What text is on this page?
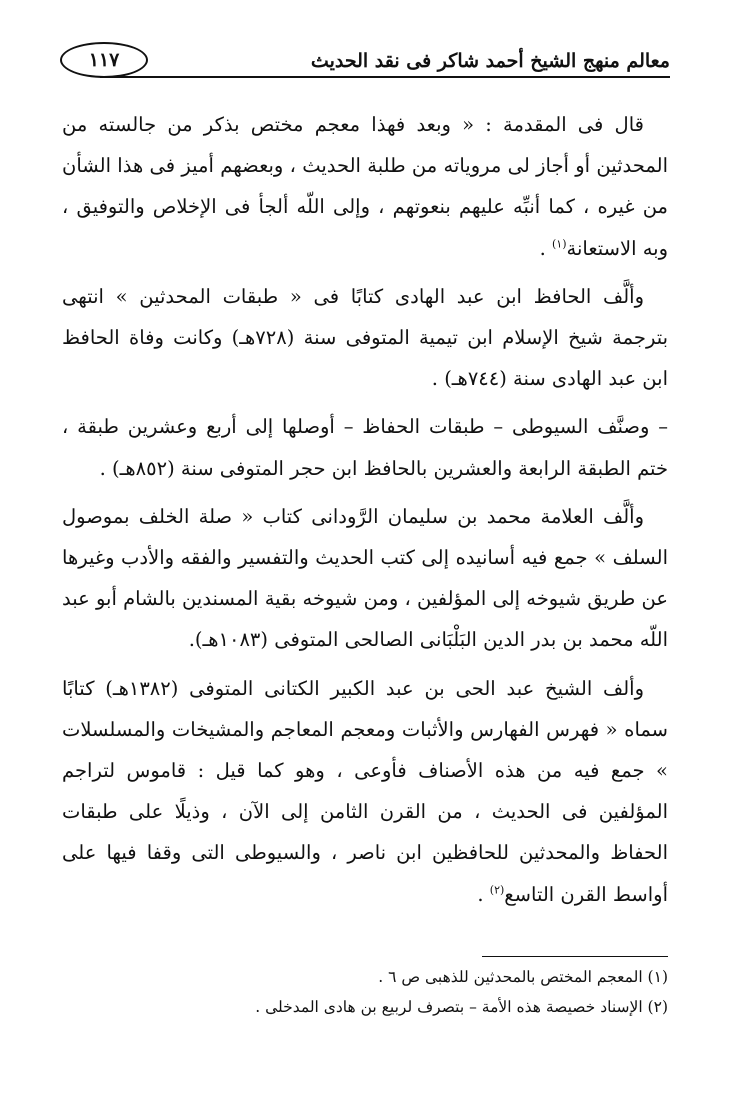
١١٧	معالم منهج الشيخ أحمد شاكر فى نقد الحديث

قال فى المقدمة : « وبعد فهذا معجم مختص بذكر من جالسته من المحدثين أو أجاز لى مروياته من طلبة الحديث ، وبعضهم أميز فى هذا الشأن من غيره ، كما أنبِّه عليهم بنعوتهم ، وإلى اللّه ألجأ فى الإخلاص والتوفيق ، وبه الاستعانة$^{(١)}$ .

وألَّف الحافظ ابن عبد الهادى كتابًا فى « طبقات المحدثين » انتهى بترجمة شيخ الإسلام ابن تيمية المتوفى سنة (٧٢٨هـ) وكانت وفاة الحافظ ابن عبد الهادى سنة (٧٤٤هـ) .

– وصنَّف السيوطى – طبقات الحفاظ – أوصلها إلى أربع وعشرين طبقة ، ختم الطبقة الرابعة والعشرين بالحافظ ابن حجر المتوفى سنة (٨٥٢هـ) .

وألَّف العلامة محمد بن سليمان الرَّودانى كتاب « صلة الخلف بموصول السلف » جمع فيه أسانيده إلى كتب الحديث والتفسير والفقه والأدب وغيرها عن طريق شيوخه إلى المؤلفين ، ومن شيوخه بقية المسندين بالشام أبو عبد اللّه محمد بن بدر الدين البَلْبَانى الصالحى المتوفى (١٠٨٣هـ).

وألف الشيخ عبد الحى بن عبد الكبير الكتانى المتوفى (١٣٨٢هـ) كتابًا سماه « فهرس الفهارس والأثبات ومعجم المعاجم والمشيخات والمسلسلات » جمع فيه من هذه الأصناف فأوعى ، وهو كما قيل : قاموس لتراجم المؤلفين فى الحديث ، من القرن الثامن إلى الآن ، وذيلًا على طبقات الحفاظ والمحدثين للحافظين ابن ناصر ، والسيوطى التى وقفا فيها على أواسط القرن التاسع$^{(٢)}$ .

(١) المعجم المختص بالمحدثين للذهبى ص ٦ .
(٢) الإسناد خصيصة هذه الأمة – بتصرف لربيع بن هادى المدخلى .
